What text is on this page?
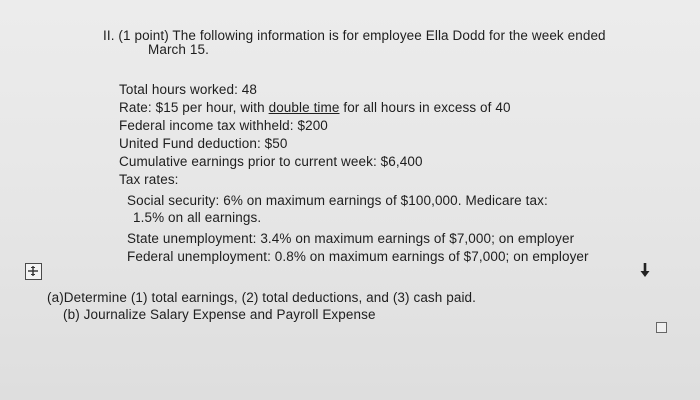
II. (1 point) The following information is for employee Ella Dodd for the week ended
March 15.
Total hours worked: 48
Rate: $15 per hour, with double time for all hours in excess of 40
Federal income tax withheld: $200
United Fund deduction: $50
Cumulative earnings prior to current week: $6,400
Tax rates:
Social security: 6% on maximum earnings of $100,000. Medicare tax:
1.5% on all earnings.
State unemployment: 3.4% on maximum earnings of $7,000; on employer
Federal unemployment: 0.8% on maximum earnings of $7,000; on employer
(a)Determine (1) total earnings, (2) total deductions, and (3) cash paid.
(b) Journalize Salary Expense and Payroll Expense
